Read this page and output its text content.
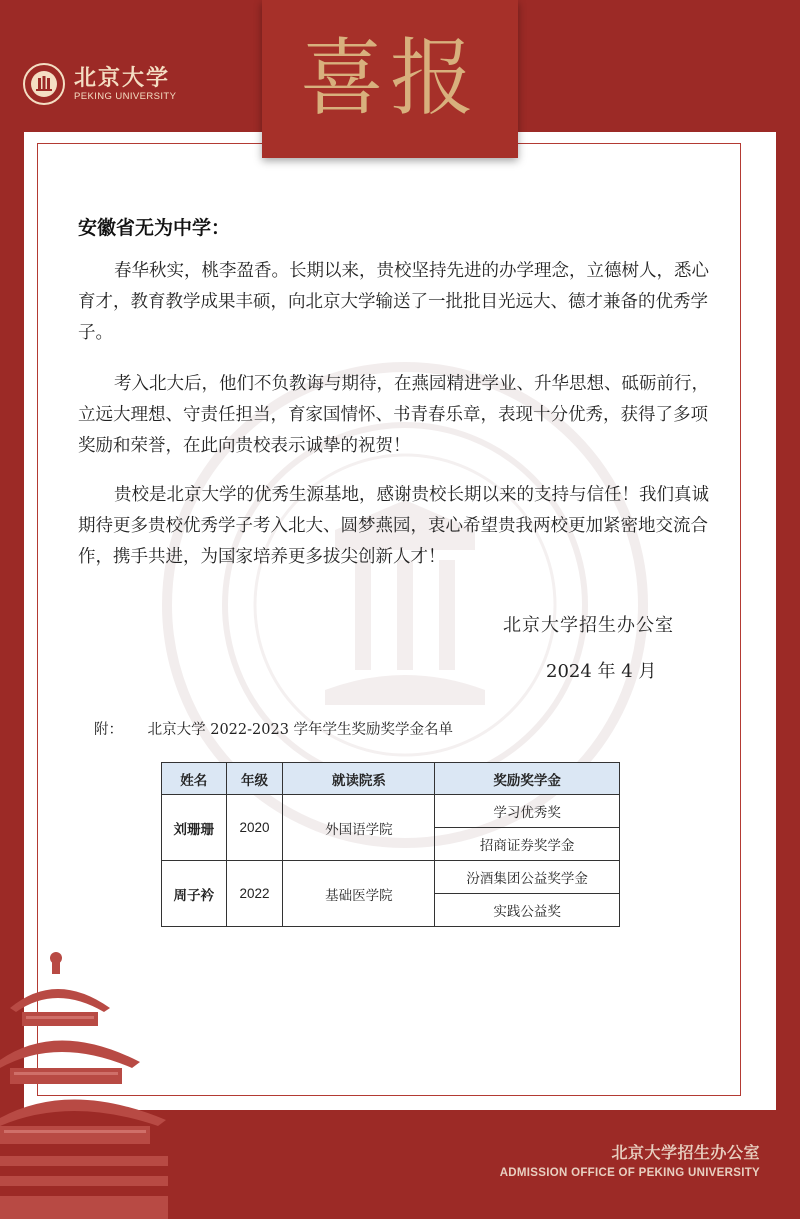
北京大学
PEKING UNIVERSITY	喜报
安徽省无为中学：

春华秋实，桃李盈香。长期以来，贵校坚持先进的办学理念，立德树人，悉心育才，教育教学成果丰硕，向北京大学输送了一批批目光远大、德才兼备的优秀学子。

考入北大后，他们不负教诲与期待，在燕园精进学业、升华思想、砥砺前行，立远大理想、守责任担当，育家国情怀、书青春乐章，表现十分优秀，获得了多项奖励和荣誉，在此向贵校表示诚挚的祝贺！

贵校是北京大学的优秀生源基地，感谢贵校长期以来的支持与信任！我们真诚期待更多贵校优秀学子考入北大、圆梦燕园，衷心希望贵我两校更加紧密地交流合作，携手共进，为国家培养更多拔尖创新人才！

北京大学招生办公室
2024 年 4 月
附： 北京大学 2022-2023 学年学生奖励奖学金名单
姓名	年级	就读院系	奖励奖学金
刘珊珊	2020	外国语学院	学习优秀奖
			招商证券奖学金
周子衿	2022	基础医学院	汾酒集团公益奖学金
			实践公益奖
北京大学招生办公室
ADMISSION OFFICE OF PEKING UNIVERSITY
